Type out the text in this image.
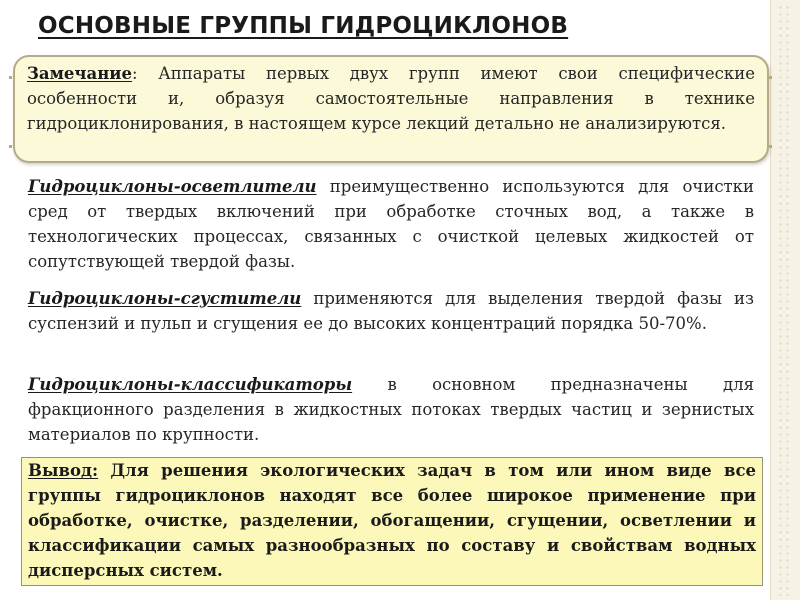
ОСНОВНЫЕ ГРУППЫ ГИДРОЦИКЛОНОВ

Замечание: Аппараты первых двух групп имеют свои специфические особенности и, образуя самостоятельные направления в технике гидроциклонирования, в настоящем курсе лекций детально не анализируются.

Гидроциклоны-осветлители преимущественно используются для очистки сред от твердых включений при обработке сточных вод, а также в технологических процессах, связанных с очисткой целевых жидкостей от сопутствующей твердой фазы.

Гидроциклоны-сгустители применяются для выделения твердой фазы из суспензий и пульп и сгущения ее до высоких концентраций порядка 50-70%.

Гидроциклоны-классификаторы в основном предназначены для фракционного разделения в жидкостных потоках твердых частиц и зернистых материалов по крупности.

Вывод: Для решения экологических задач в том или ином виде все группы гидроциклонов находят все более широкое применение при обработке, очистке, разделении, обогащении, сгущении, осветлении и классификации самых разнообразных по составу и свойствам водных дисперсных систем.
